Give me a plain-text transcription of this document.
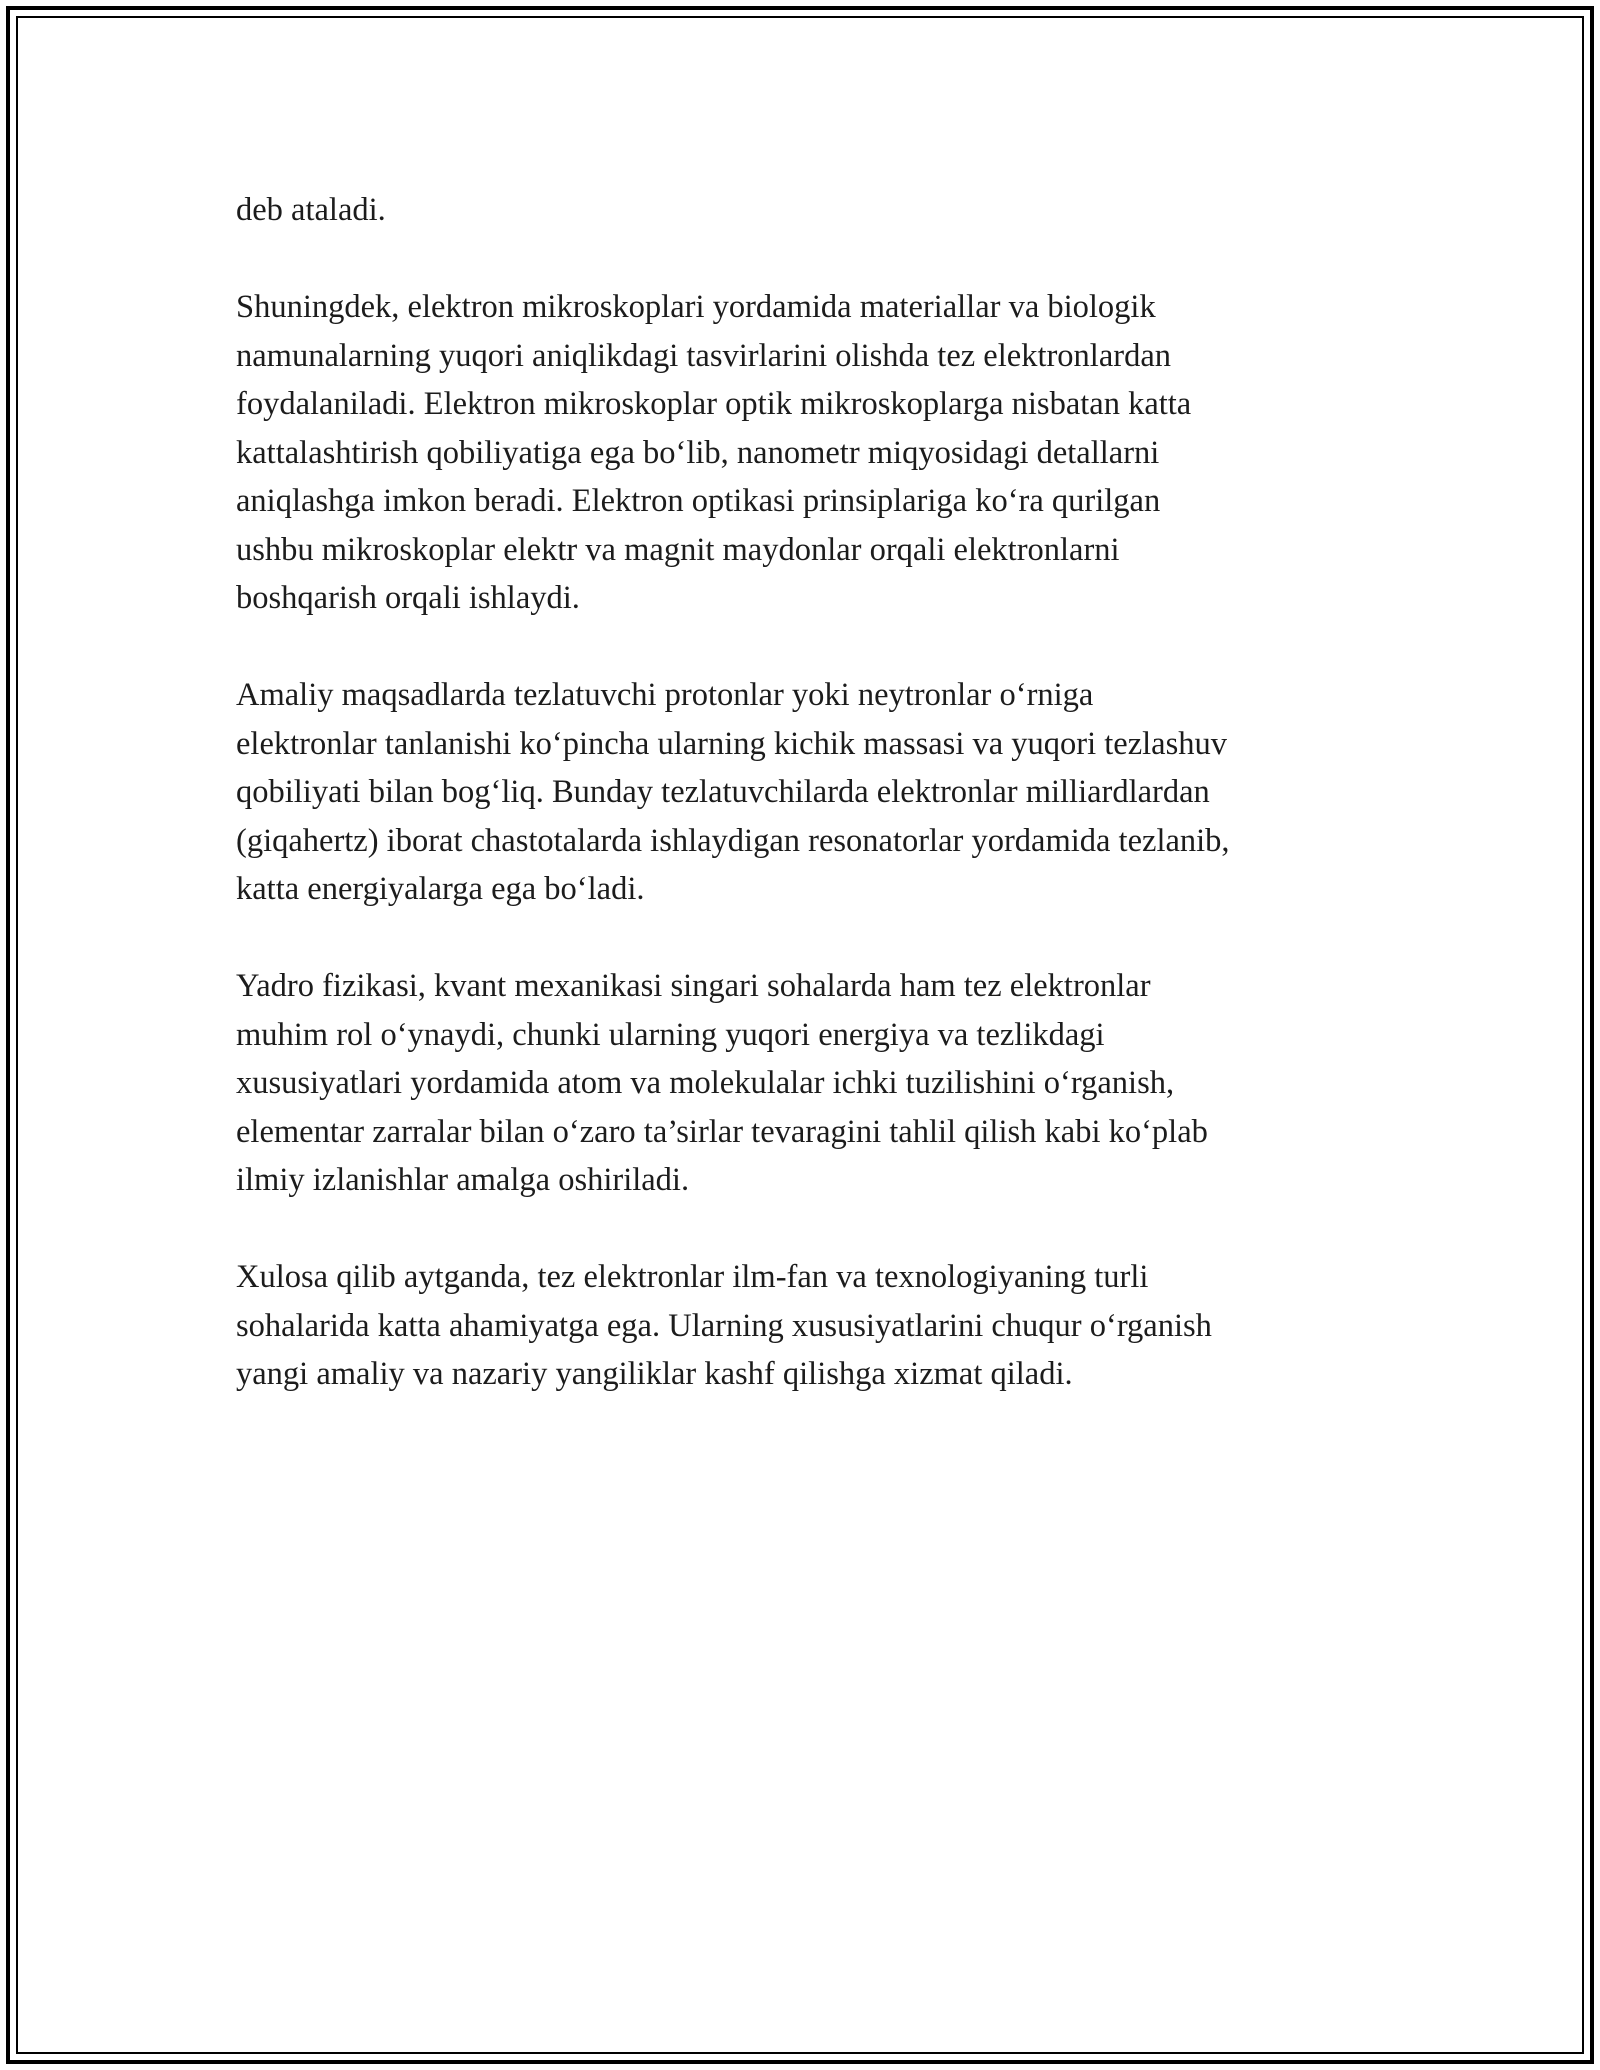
deb ataladi.

Shuningdek, elektron mikroskoplari yordamida materiallar va biologik
namunalarning yuqori aniqlikdagi tasvirlarini olishda tez elektronlardan
foydalaniladi. Elektron mikroskoplar optik mikroskoplarga nisbatan katta
kattalashtirish qobiliyatiga ega bo‘lib, nanometr miqyosidagi detallarni
aniqlashga imkon beradi. Elektron optikasi prinsiplariga ko‘ra qurilgan
ushbu mikroskoplar elektr va magnit maydonlar orqali elektronlarni
boshqarish orqali ishlaydi.

Amaliy maqsadlarda tezlatuvchi protonlar yoki neytronlar o‘rniga
elektronlar tanlanishi ko‘pincha ularning kichik massasi va yuqori tezlashuv
qobiliyati bilan bog‘liq. Bunday tezlatuvchilarda elektronlar milliardlardan
(giqahertz) iborat chastotalarda ishlaydigan resonatorlar yordamida tezlanib,
katta energiyalarga ega bo‘ladi.

Yadro fizikasi, kvant mexanikasi singari sohalarda ham tez elektronlar
muhim rol o‘ynaydi, chunki ularning yuqori energiya va tezlikdagi
xususiyatlari yordamida atom va molekulalar ichki tuzilishini o‘rganish,
elementar zarralar bilan o‘zaro ta’sirlar tevaragini tahlil qilish kabi ko‘plab
ilmiy izlanishlar amalga oshiriladi.

Xulosa qilib aytganda, tez elektronlar ilm-fan va texnologiyaning turli
sohalarida katta ahamiyatga ega. Ularning xususiyatlarini chuqur o‘rganish
yangi amaliy va nazariy yangiliklar kashf qilishga xizmat qiladi.
